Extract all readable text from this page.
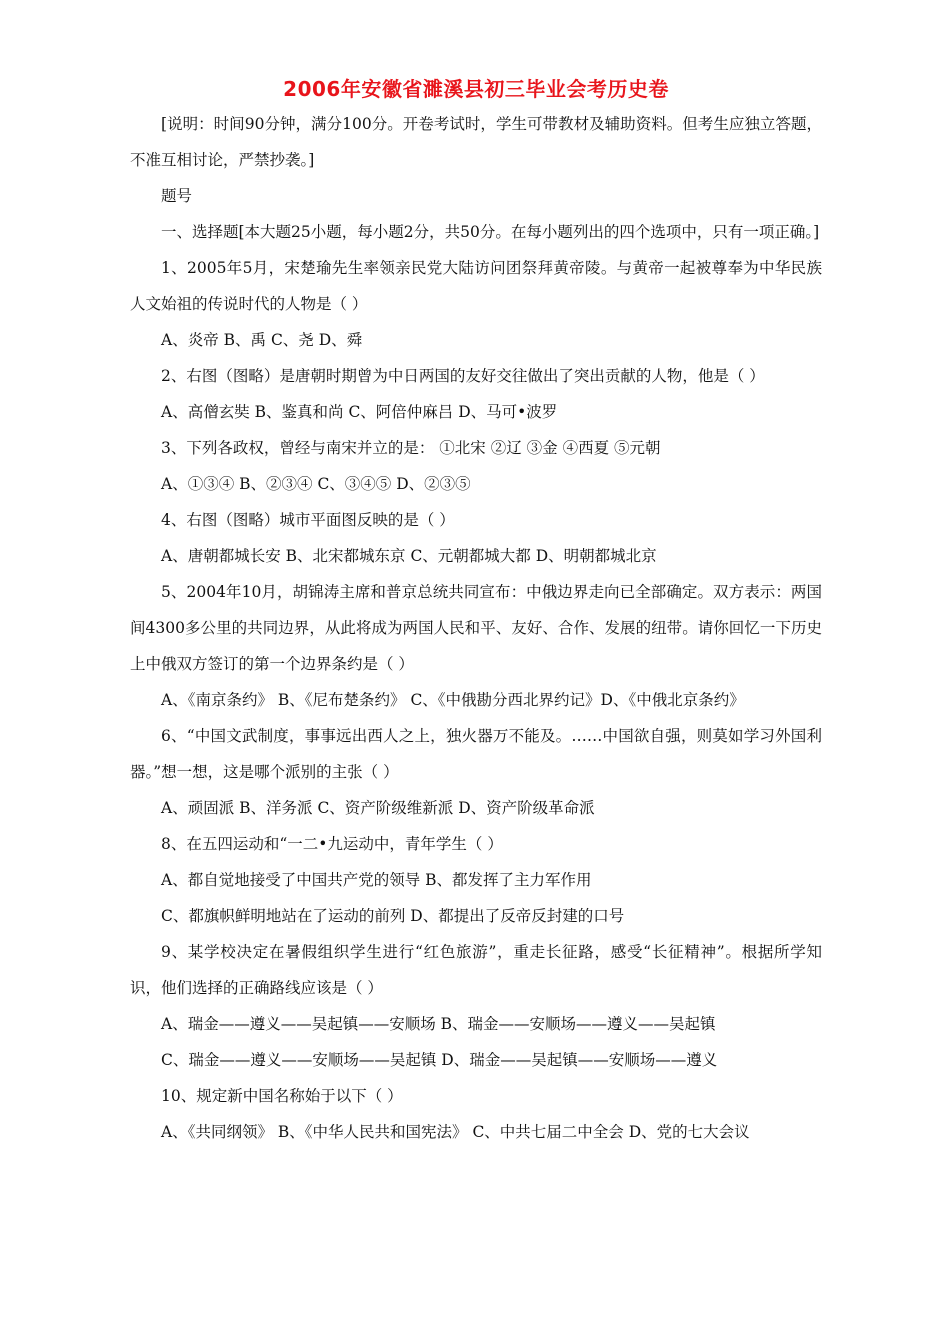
2006年安徽省濉溪县初三毕业会考历史卷

[说明：时间90分钟，满分100分。开卷考试时，学生可带教材及辅助资料。但考生应独立答题，不准互相讨论，严禁抄袭。]

题号

一、选择题[本大题25小题，每小题2分，共50分。在每小题列出的四个选项中，只有一项正确。]

1、2005年5月，宋楚瑜先生率领亲民党大陆访问团祭拜黄帝陵。与黄帝一起被尊奉为中华民族人文始祖的传说时代的人物是（ ）

A、炎帝 B、禹 C、尧 D、舜

2、右图（图略）是唐朝时期曾为中日两国的友好交往做出了突出贡献的人物，他是（ ）

A、高僧玄奘 B、鉴真和尚 C、阿倍仲麻吕 D、马可•波罗

3、下列各政权，曾经与南宋并立的是： ①北宋 ②辽 ③金 ④西夏 ⑤元朝

A、①③④ B、②③④ C、③④⑤ D、②③⑤

4、右图（图略）城市平面图反映的是（ ）

A、唐朝都城长安 B、北宋都城东京 C、元朝都城大都 D、明朝都城北京

5、2004年10月，胡锦涛主席和普京总统共同宣布：中俄边界走向已全部确定。双方表示：两国间4300多公里的共同边界，从此将成为两国人民和平、友好、合作、发展的纽带。请你回忆一下历史上中俄双方签订的第一个边界条约是（ ）

A、《南京条约》 B、《尼布楚条约》 C、《中俄勘分西北界约记》D、《中俄北京条约》

6、“中国文武制度，事事远出西人之上，独火器万不能及。……中国欲自强，则莫如学习外国利器。”想一想，这是哪个派别的主张（ ）

A、顽固派 B、洋务派 C、资产阶级维新派 D、资产阶级革命派

8、在五四运动和“一二•九运动中，青年学生（ ）

A、都自觉地接受了中国共产党的领导 B、都发挥了主力军作用

C、都旗帜鲜明地站在了运动的前列 D、都提出了反帝反封建的口号

9、某学校决定在暑假组织学生进行“红色旅游”，重走长征路，感受“长征精神”。根据所学知识，他们选择的正确路线应该是（ ）

A、瑞金——遵义——吴起镇——安顺场 B、瑞金——安顺场——遵义——吴起镇

C、瑞金——遵义——安顺场——吴起镇 D、瑞金——吴起镇——安顺场——遵义

10、规定新中国名称始于以下（ ）

A、《共同纲领》 B、《中华人民共和国宪法》 C、中共七届二中全会 D、党的七大会议
